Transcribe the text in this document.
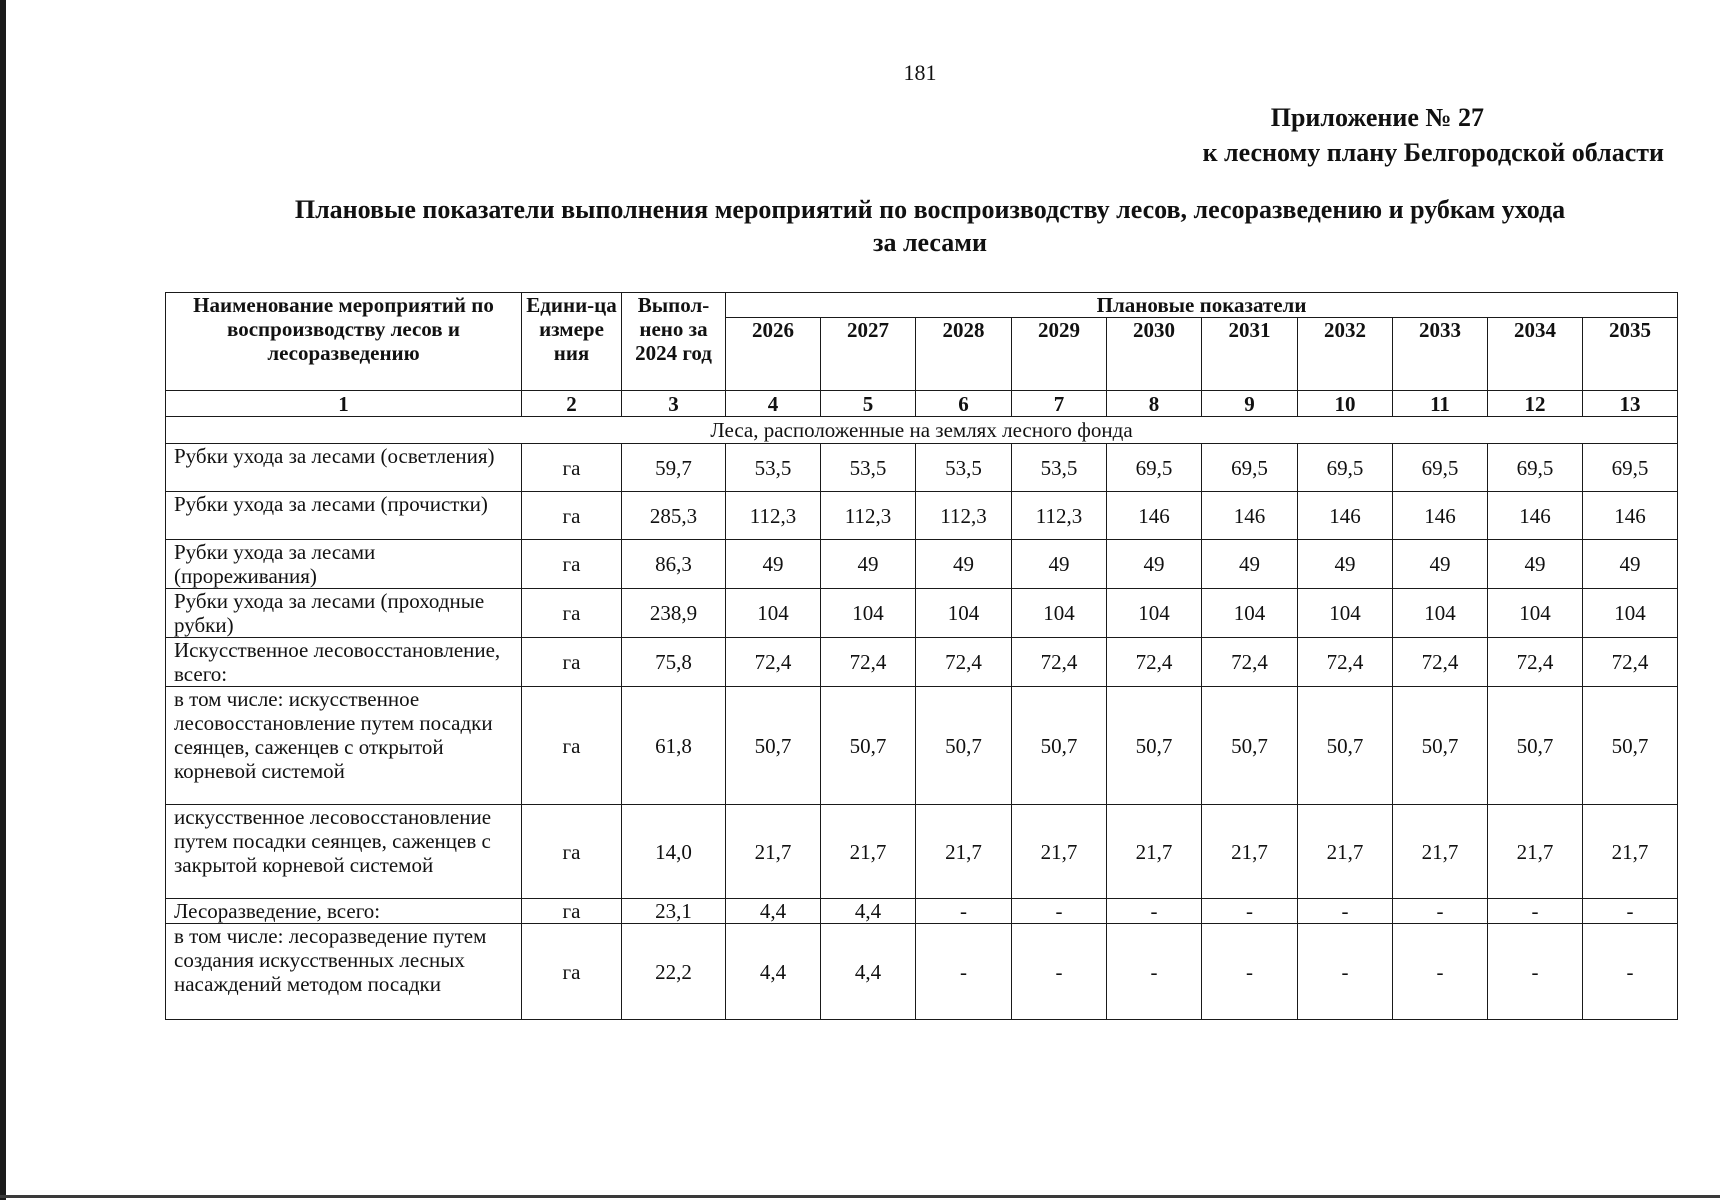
181
Приложение № 27
к лесному плану Белгородской области
Плановые показатели выполнения мероприятий по воспроизводству лесов, лесоразведению и рубкам ухода
за лесами
Наименование мероприятий по воспроизводству лесов и лесоразведению	Едини-ца измере ния	Выпол-нено за 2024 год	Плановые показатели									
			2026	2027	2028	2029	2030	2031	2032	2033	2034	2035
1	2	3	4	5	6	7	8	9	10	11	12	13
Леса, расположенные на землях лесного фонда												
Рубки ухода за лесами (осветления)	га	59,7	53,5	53,5	53,5	53,5	69,5	69,5	69,5	69,5	69,5	69,5
Рубки ухода за лесами (прочистки)	га	285,3	112,3	112,3	112,3	112,3	146	146	146	146	146	146
Рубки ухода за лесами (прореживания)	га	86,3	49	49	49	49	49	49	49	49	49	49
Рубки ухода за лесами (проходные рубки)	га	238,9	104	104	104	104	104	104	104	104	104	104
Искусственное лесовосстановление, всего:	га	75,8	72,4	72,4	72,4	72,4	72,4	72,4	72,4	72,4	72,4	72,4
в том числе: искусственное лесовосстановление путем посадки сеянцев, саженцев с открытой корневой системой	га	61,8	50,7	50,7	50,7	50,7	50,7	50,7	50,7	50,7	50,7	50,7
искусственное лесовосстановление путем посадки сеянцев, саженцев с закрытой корневой системой	га	14,0	21,7	21,7	21,7	21,7	21,7	21,7	21,7	21,7	21,7	21,7
Лесоразведение, всего:	га	23,1	4,4	4,4	-	-	-	-	-	-	-	-
в том числе: лесоразведение путем создания искусственных лесных насаждений методом посадки	га	22,2	4,4	4,4	-	-	-	-	-	-	-	-
